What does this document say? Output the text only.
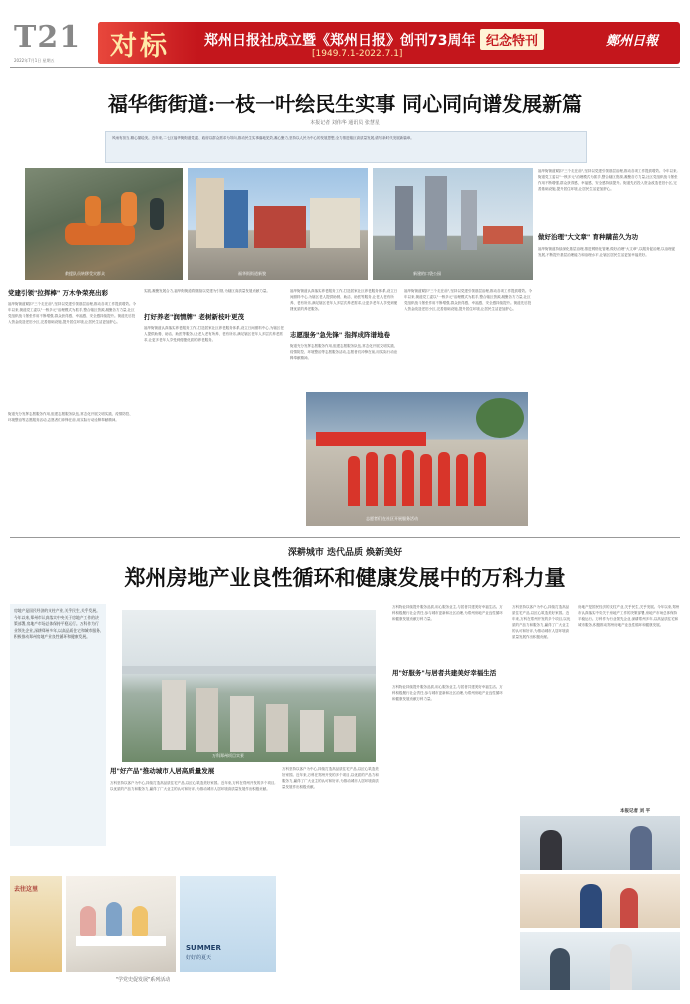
T21 对标 郑州日报社成立暨《郑州日报》创刊73周年 纪念特刊
[1949.7.1-2022.7.1]
鄭州日報
2022年7月1日 星期五
福华街街道:一枝一叶绘民生实事 同心同向谱发展新篇
本报记者 刘伟华 通讯员 张慧星
风雨有担当,精心描绘美。近年来,二七区福华街街道党委、政府以群众需求为导向,推动民生实事落地见效,凝心聚力,坚持以人民为中心的发展思想,全力推进辖区高质量发展,谱写新时代发展新篇章。
救援队员转移受灾群众	福华街街道新貌	新建的口袋公园
福华街街道紧扣"三个走在前",坚持以党建引领基层治理,推动各项工作提质增效。今年以来,街道党工委以"一核多元"治理模式为抓手,整合辖区资源,凝聚各方力量,社区党组织战斗堡垒作用不断增强,群众获得感、幸福感、安全感持续提升。街道先后投入资金改造老旧小区,完善基础设施,提升居住环境,让居民生活更加舒心。
做好治理"大文章" 育种蹒苗久为功
福华街街道持续深化基层治理,推进网格化管理,做好治理"大文章",以服务促治理,以治理促发展,不断提升基层治理能力和治理水平,让辖区居民生活更加幸福美好。
党建引领"拉挥棒" 万木争荣亮出彩
福华街街道紧扣"三个走在前",坚持以党建引领基层治理,推动各项工作提质增效。今年以来,街道党工委以"一核多元"治理模式为抓手,整合辖区资源,凝聚各方力量,社区党组织战斗堡垒作用不断增强,群众获得感、幸福感、安全感持续提升。街道先后投入资金改造老旧小区,完善基础设施,提升居住环境,让居民生活更加舒心。
街道充分发挥志愿服务作用,组建志愿服务队伍,常态化开展文明实践、疫情防控、环境整治等志愿服务活动,志愿者们冲锋在前,用实际行动诠释奉献精神。
实践,凝聚发展合力,福华街街道将继续以党建为引领,为辖区高质量发展贡献力量。
打好养老"润情牌" 老树新枝叶更茂
福华街街道认真落实养老服务工作,打造居家社区养老服务体系,设立日间照料中心,为辖区老人提供助餐、助洁、助医等服务,让老人老有所养、老有所乐,满足辖区老年人多层次养老需求,让更多老年人享受到便捷优质的养老服务。
福华街街道认真落实养老服务工作,打造居家社区养老服务体系,设立日间照料中心,为辖区老人提供助餐、助洁、助医等服务,让老人老有所养、老有所乐,满足辖区老年人多层次养老需求,让更多老年人享受到便捷优质的养老服务。
志愿服务"急先锋" 指挥成阵谱地卷
街道充分发挥志愿服务作用,组建志愿服务队伍,常态化开展文明实践、疫情防控、环境整治等志愿服务活动,志愿者们冲锋在前,用实际行动诠释奉献精神。
福华街街道紧扣"三个走在前",坚持以党建引领基层治理,推动各项工作提质增效。今年以来,街道党工委以"一核多元"治理模式为抓手,整合辖区资源,凝聚各方力量,社区党组织战斗堡垒作用不断增强,群众获得感、幸福感、安全感持续提升。街道先后投入资金改造老旧小区,完善基础设施,提升居住环境,让居民生活更加舒心。
志愿者们在社区开展服务活动
深耕城市 迭代品质 焕新美好
郑州房地产业良性循环和健康发展中的万科力量
房地产是国民经济的支柱产业,关乎民生,关乎发展。今年以来,郑州市认真落实中央关于房地产工作的决策部署,房地产市场总体保持平稳运行。万科作为行业领先企业,深耕郑州多年,以高品质住宅和城市服务,积极推动郑州房地产业良性循环和健康发展。
万科郑州项目实景
用"好产品"推动城市人居高质量发展
万科坚持以客户为中心,持续打造高品质住宅产品,以匠心筑造美好家园。近年来,万科在郑州开发的多个项目,以优质的产品力和服务力,赢得了广大业主的认可和好评,为推动城市人居环境高质量发展作出积极贡献。
万科坚持以客户为中心,持续打造高品质住宅产品,以匠心筑造美好家园。近年来,万科在郑州开发的多个项目,以优质的产品力和服务力,赢得了广大业主的认可和好评,为推动城市人居环境高质量发展作出积极贡献。
去往这里
SUMMER
好好的夏天
"学党史促发展"系列活动
万科物业持续提升服务品质,用心服务业主,与居者共建美好幸福生活。万科积极履行社会责任,参与城市更新和社区治理,为郑州房地产业良性循环和健康发展贡献万科力量。
用"好服务"与居者共建美好幸福生活
万科物业持续提升服务品质,用心服务业主,与居者共建美好幸福生活。万科积极履行社会责任,参与城市更新和社区治理,为郑州房地产业良性循环和健康发展贡献万科力量。
万科坚持以客户为中心,持续打造高品质住宅产品,以匠心筑造美好家园。近年来,万科在郑州开发的多个项目,以优质的产品力和服务力,赢得了广大业主的认可和好评,为推动城市人居环境高质量发展作出积极贡献。
房地产是国民经济的支柱产业,关乎民生,关乎发展。今年以来,郑州市认真落实中央关于房地产工作的决策部署,房地产市场总体保持平稳运行。万科作为行业领先企业,深耕郑州多年,以高品质住宅和城市服务,积极推动郑州房地产业良性循环和健康发展。
本报记者 刘 平
